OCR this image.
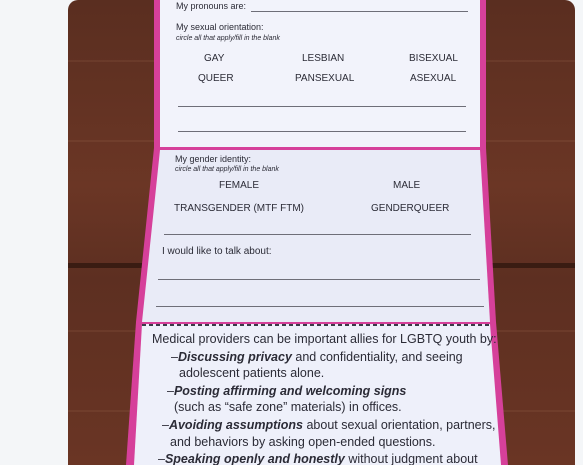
My pronouns are:
My sexual orientation:
circle all that apply/fill in the blank
GAY	LESBIAN	BISEXUAL
QUEER	PANSEXUAL	ASEXUAL
My gender identity:
circle all that apply/fill in the blank
FEMALE	MALE
TRANSGENDER (MTF FTM)	GENDERQUEER
I would like to talk about:
Medical providers can be important allies for LGBTQ youth by:
–Discussing privacy and confidentiality, and seeing
adolescent patients alone.
–Posting affirming and welcoming signs
(such as “safe zone” materials) in offices.
–Avoiding assumptions about sexual orientation, partners,
and behaviors by asking open-ended questions.
–Speaking openly and honestly without judgment about
